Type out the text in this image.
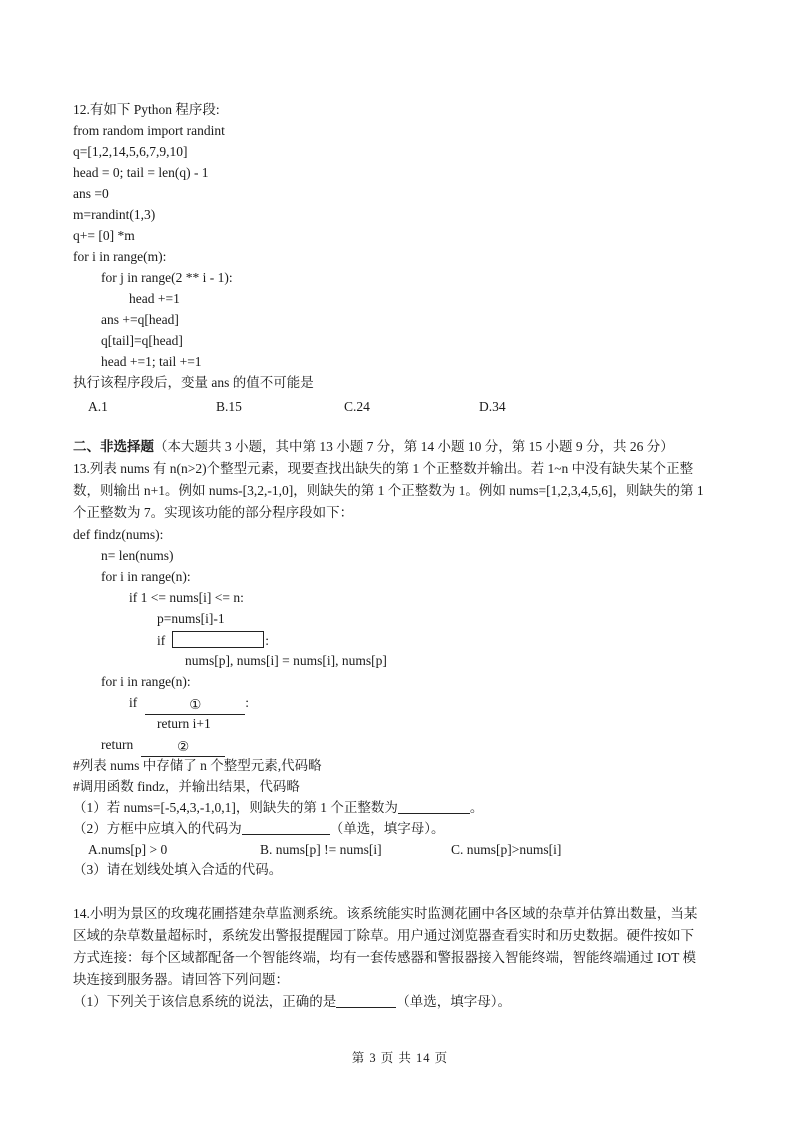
12.有如下 Python 程序段:
from random import randint
q=[1,2,14,5,6,7,9,10]
head = 0; tail = len(q) - 1
ans =0
m=randint(1,3)
q+= [0] *m
for i in range(m):
for j in range(2 ** i - 1):
head +=1
ans +=q[head]
q[tail]=q[head]
head +=1; tail +=1
执行该程序段后，变量 ans 的值不可能是
A.1	B.15	C.24	D.34
二、非选择题（本大题共 3 小题，其中第 13 小题 7 分，第 14 小题 10 分，第 15 小题 9 分，共 26 分）
13.列表 nums 有 n(n>2)个整型元素，现要查找出缺失的第 1 个正整数并输出。若 1~n 中没有缺失某个正整
数，则输出 n+1。例如 nums-[3,2,-1,0]，则缺失的第 1 个正整数为 1。例如 nums=[1,2,3,4,5,6]，则缺失的第 1
个正整数为 7。实现该功能的部分程序段如下：
def findz(nums):
n= len(nums)
for i in range(n):
if 1 <= nums[i] <= n:
p=nums[i]-1
if	:
nums[p], nums[i] = nums[i], nums[p]
for i in range(n):
if	①	:
return i+1
return	②
#列表 nums 中存储了 n 个整型元素,代码略
#调用函数 findz，并输出结果，代码略
（1）若 nums=[-5,4,3,-1,0,1]，则缺失的第 1 个正整数为	。
（2）方框中应填入的代码为	（单选，填字母）。
A.nums[p] > 0	B. nums[p] != nums[i]	C. nums[p]>nums[i]
（3）请在划线处填入合适的代码。
14.小明为景区的玫瑰花圃搭建杂草监测系统。该系统能实时监测花圃中各区域的杂草并估算出数量，当某
区域的杂草数量超标时，系统发出警报提醒园丁除草。用户通过浏览器查看实时和历史数据。硬件按如下
方式连接：每个区域都配备一个智能终端，均有一套传感器和警报器接入智能终端，智能终端通过 IOT 模
块连接到服务器。请回答下列问题：
（1）下列关于该信息系统的说法，正确的是	（单选，填字母）。
第 3 页 共 14 页
